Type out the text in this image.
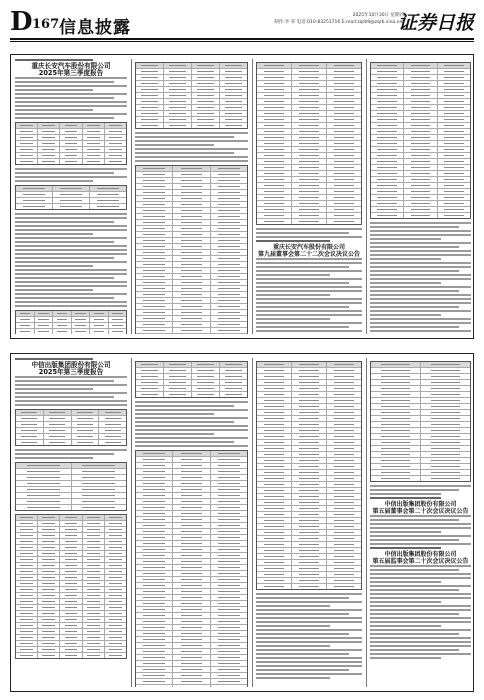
D 167 信息披露
2025年10月30日 星期四
制作:李 荣 电话:010-83251716 E-mail:zqrb9@zqrb.sina.net
证券日报
重庆长安汽车股份有限公司
2025年第三季度报告
重庆长安汽车股份有限公司
第九届董事会第二十二次会议决议公告
中信出版集团股份有限公司
2025年第三季度报告
中信出版集团股份有限公司
第五届董事会第二十次会议决议公告
中信出版集团股份有限公司
第五届监事会第二十次会议决议公告
